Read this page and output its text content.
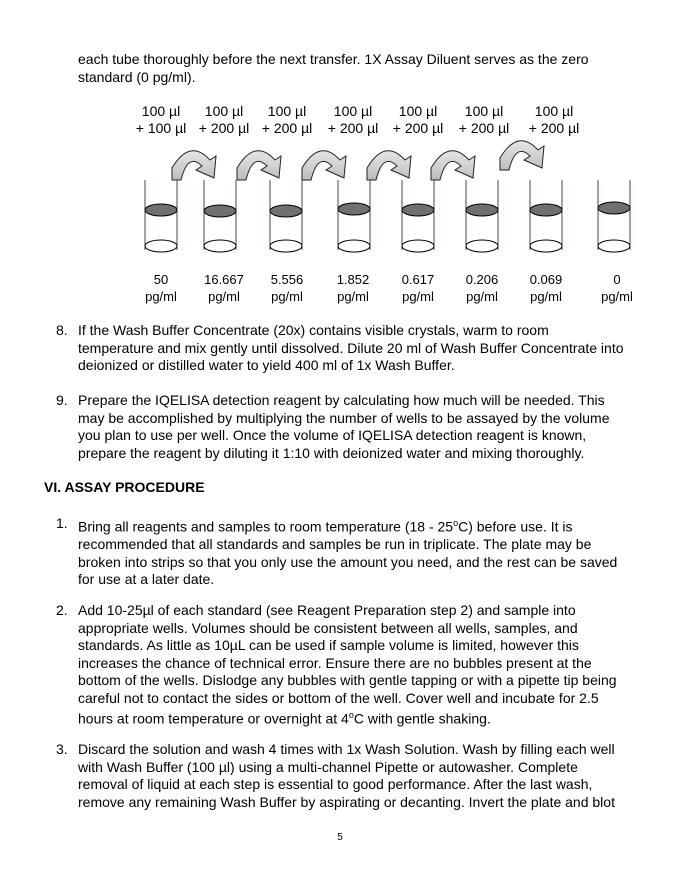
each tube thoroughly before the next transfer. 1X Assay Diluent serves as the zero
standard (0 pg/ml).
100 µl
+ 100 µl
100 µl
+ 200 µl
100 µl
+ 200 µl
100 µl
+ 200 µl
100 µl
+ 200 µl
100 µl
+ 200 µl
100 µl
+ 200 µl
50
pg/ml
16.667
pg/ml
5.556
pg/ml
1.852
pg/ml
0.617
pg/ml
0.206
pg/ml
0.069
pg/ml
0
pg/ml
8. If the Wash Buffer Concentrate (20x) contains visible crystals, warm to room
temperature and mix gently until dissolved. Dilute 20 ml of Wash Buffer Concentrate into
deionized or distilled water to yield 400 ml of 1x Wash Buffer.
9. Prepare the IQELISA detection reagent by calculating how much will be needed. This
may be accomplished by multiplying the number of wells to be assayed by the volume
you plan to use per well. Once the volume of IQELISA detection reagent is known,
prepare the reagent by diluting it 1:10 with deionized water and mixing thoroughly.
VI. ASSAY PROCEDURE
1. Bring all reagents and samples to room temperature (18 - 25$^o$C) before use. It is
recommended that all standards and samples be run in triplicate. The plate may be
broken into strips so that you only use the amount you need, and the rest can be saved
for use at a later date.
2. Add 10-25µl of each standard (see Reagent Preparation step 2) and sample into
appropriate wells. Volumes should be consistent between all wells, samples, and
standards. As little as 10µL can be used if sample volume is limited, however this
increases the chance of technical error. Ensure there are no bubbles present at the
bottom of the wells. Dislodge any bubbles with gentle tapping or with a pipette tip being
careful not to contact the sides or bottom of the well. Cover well and incubate for 2.5
hours at room temperature or overnight at 4$^o$C with gentle shaking.
3. Discard the solution and wash 4 times with 1x Wash Solution. Wash by filling each well
with Wash Buffer (100 µl) using a multi-channel Pipette or autowasher. Complete
removal of liquid at each step is essential to good performance. After the last wash,
remove any remaining Wash Buffer by aspirating or decanting. Invert the plate and blot
5
